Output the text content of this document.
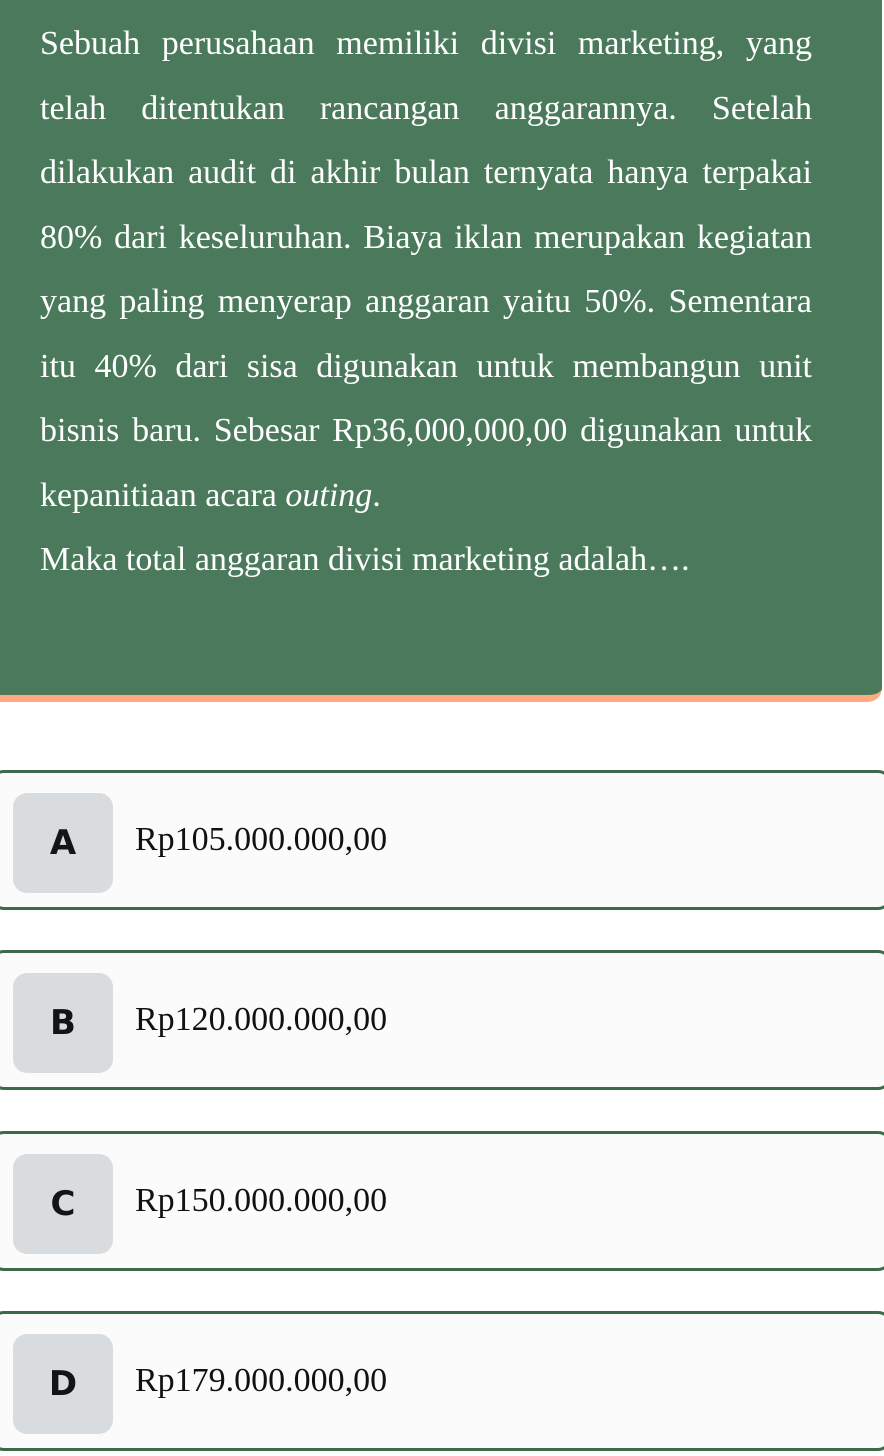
Sebuah perusahaan memiliki divisi marketing, yang telah ditentukan rancangan anggarannya. Setelah dilakukan audit di akhir bulan ternyata hanya terpakai 80% dari keseluruhan. Biaya iklan merupakan kegiatan yang paling menyerap anggaran yaitu 50%. Sementara itu 40% dari sisa digunakan untuk membangun unit bisnis baru. Sebesar Rp36,000,000,00 digunakan untuk kepanitiaan acara outing.

Maka total anggaran divisi marketing adalah….

A	Rp105.000.000,00
B	Rp120.000.000,00
C	Rp150.000.000,00
D	Rp179.000.000,00
